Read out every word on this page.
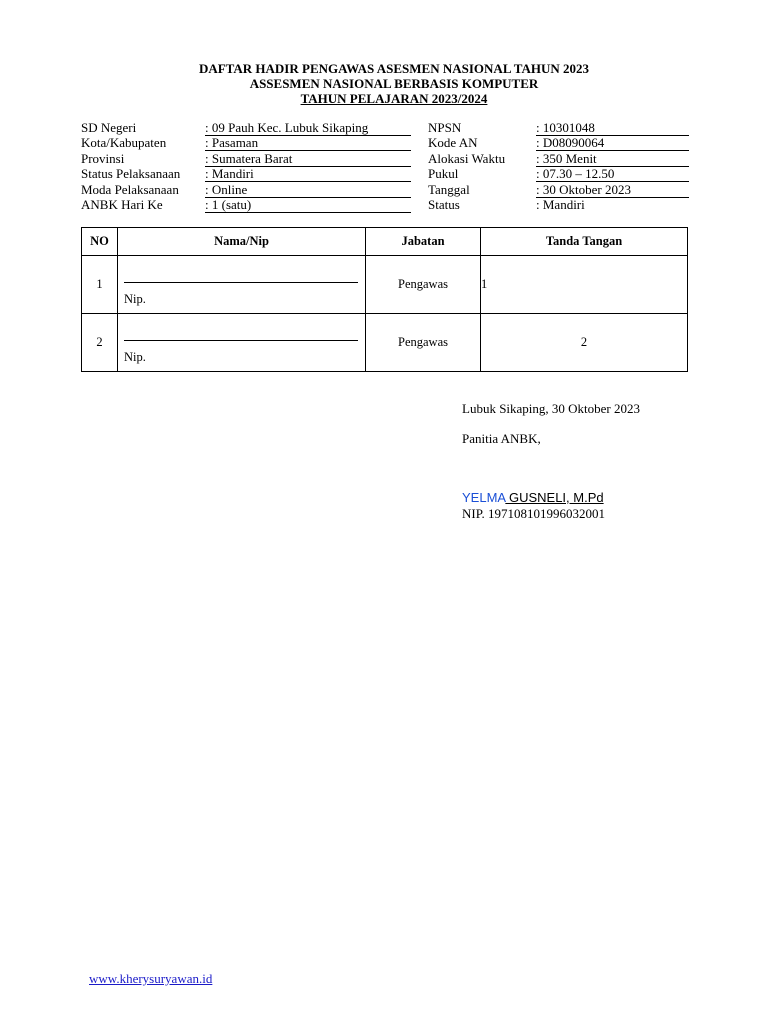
DAFTAR HADIR PENGAWAS ASESMEN NASIONAL TAHUN 2023
ASSESMEN NASIONAL BERBASIS KOMPUTER
TAHUN PELAJARAN 2023/2024
SD Negeri	: 09 Pauh Kec. Lubuk Sikaping
Kota/Kabupaten	: Pasaman
Provinsi	: Sumatera Barat
Status Pelaksanaan : Mandiri
Moda Pelaksanaan : Online
ANBK Hari Ke	: 1 (satu)
NPSN	: 10301048
Kode AN	: D08090064
Alokasi Waktu : 350 Menit
Pukul	: 07.30 – 12.50
Tanggal	: 30 Oktober 2023
Status	: Mandiri
NO	Nama/Nip	Jabatan	Tanda Tangan
1	Nip.	Pengawas	1
2	Nip.	Pengawas	2
Lubuk Sikaping, 30 Oktober 2023
Panitia ANBK,
YELMA GUSNELI, M.Pd
NIP. 197108101996032001
www.kherysuryawan.id
